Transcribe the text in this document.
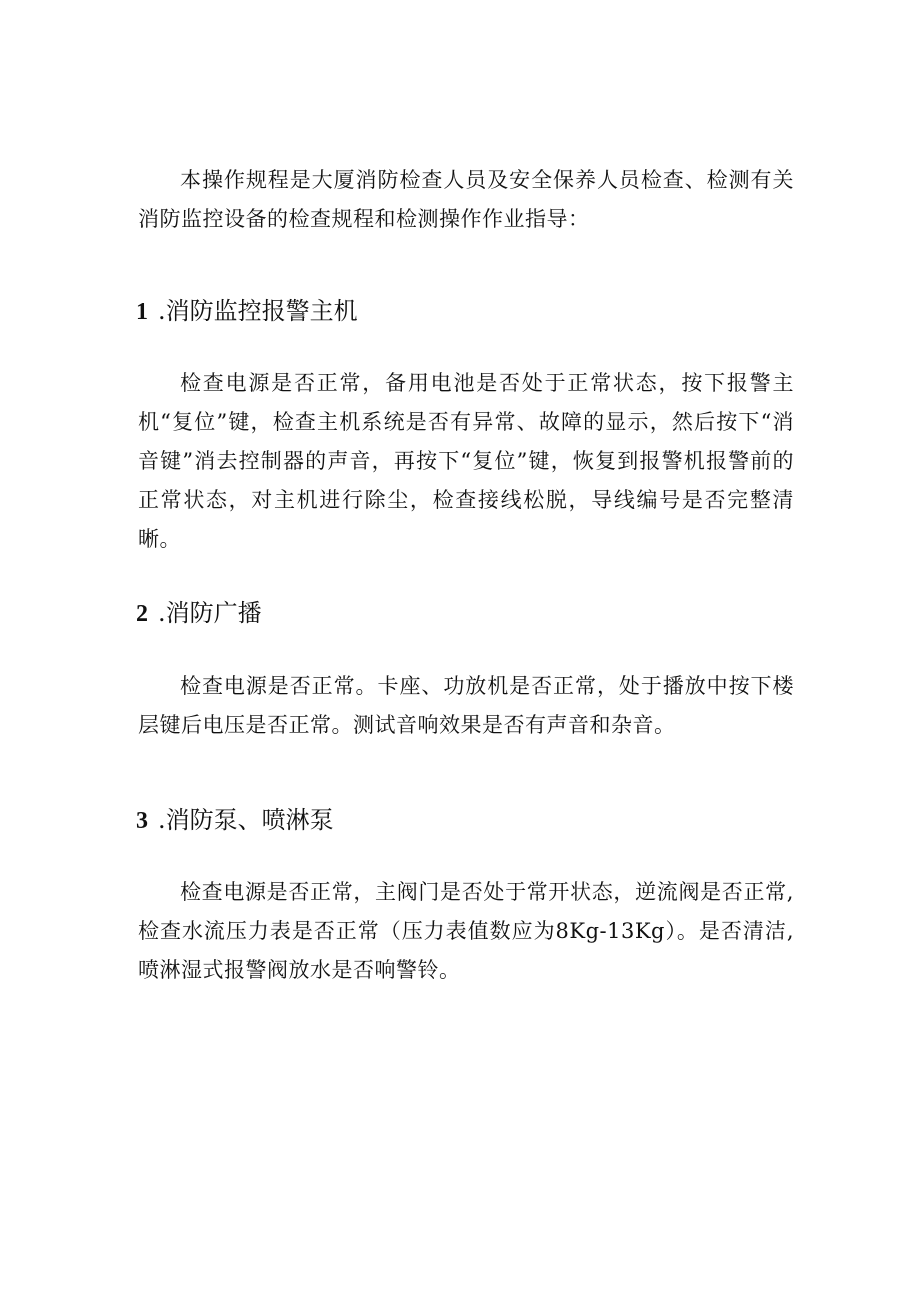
本操作规程是大厦消防检查人员及安全保养人员检查、检测有关消防监控设备的检查规程和检测操作作业指导：

1 .消防监控报警主机

检查电源是否正常，备用电池是否处于正常状态，按下报警主机“复位”键，检查主机系统是否有异常、故障的显示，然后按下“消音键”消去控制器的声音，再按下“复位”键，恢复到报警机报警前的正常状态，对主机进行除尘，检查接线松脱，导线编号是否完整清晰。

2 .消防广播

检查电源是否正常。卡座、功放机是否正常，处于播放中按下楼层键后电压是否正常。测试音响效果是否有声音和杂音。

3 .消防泵、喷淋泵

检查电源是否正常，主阀门是否处于常开状态，逆流阀是否正常,检查水流压力表是否正常（压力表值数应为8Kg-13Kg）。是否清洁,喷淋湿式报警阀放水是否响警铃。
